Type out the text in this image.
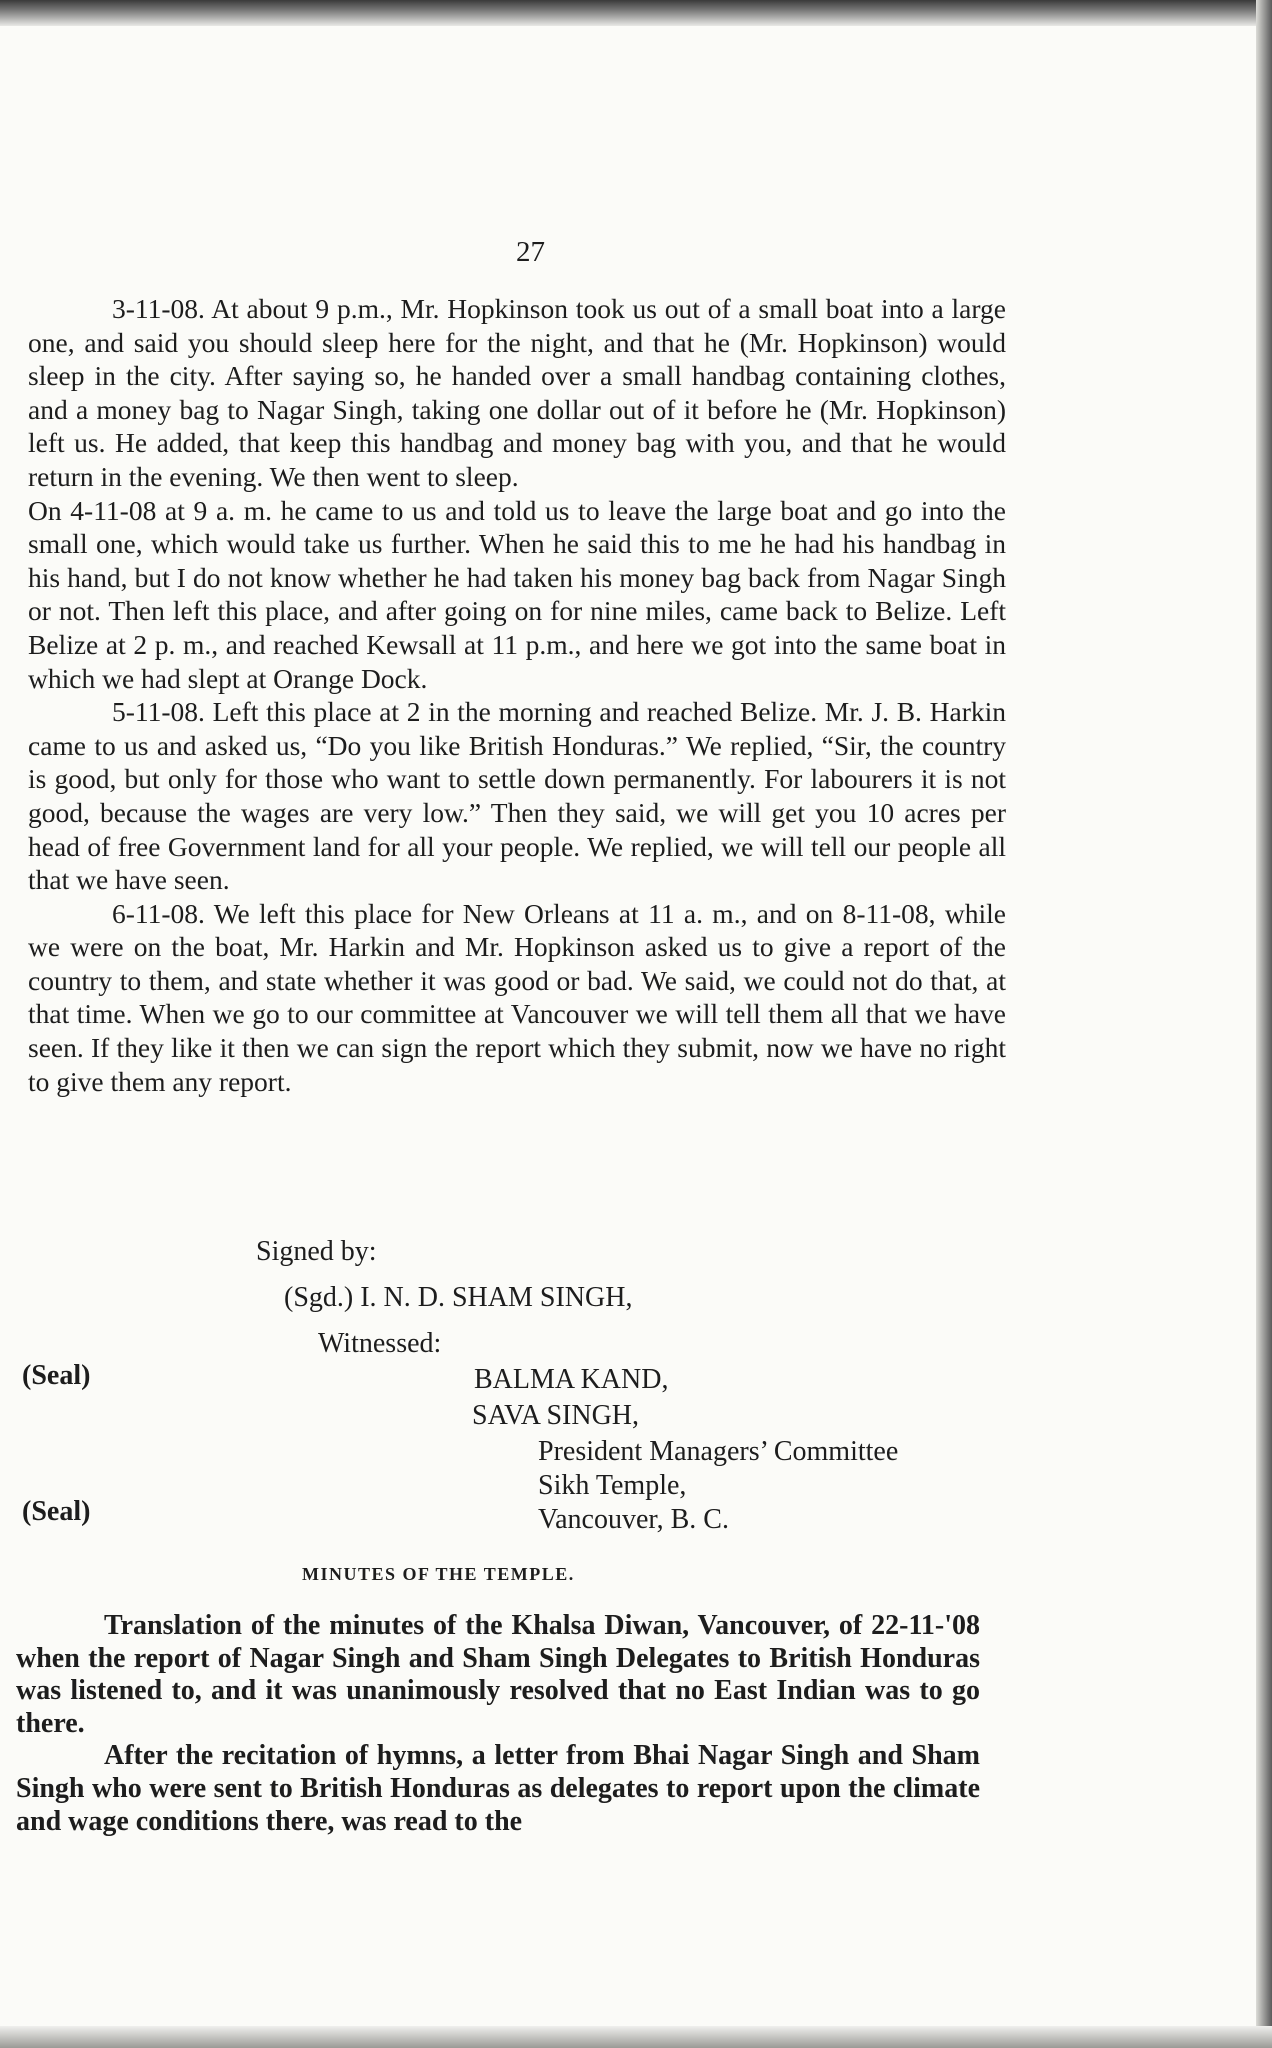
27

3-11-08. At about 9 p.m., Mr. Hopkinson took us out of a small boat into a large one, and said you should sleep here for the night, and that he (Mr. Hopkinson) would sleep in the city. After saying so, he handed over a small handbag containing clothes, and a money bag to Nagar Singh, taking one dollar out of it before he (Mr. Hopkinson) left us. He added, that keep this handbag and money bag with you, and that he would return in the evening. We then went to sleep.

On 4-11-08 at 9 a. m. he came to us and told us to leave the large boat and go into the small one, which would take us further. When he said this to me he had his handbag in his hand, but I do not know whether he had taken his money bag back from Nagar Singh or not. Then left this place, and after going on for nine miles, came back to Belize. Left Belize at 2 p. m., and reached Kewsall at 11 p.m., and here we got into the same boat in which we had slept at Orange Dock.

5-11-08. Left this place at 2 in the morning and reached Belize. Mr. J. B. Harkin came to us and asked us, “Do you like British Honduras.” We replied, “Sir, the country is good, but only for those who want to settle down permanently. For labourers it is not good, because the wages are very low.” Then they said, we will get you 10 acres per head of free Government land for all your people. We replied, we will tell our people all that we have seen.

6-11-08. We left this place for New Orleans at 11 a. m., and on 8-11-08, while we were on the boat, Mr. Harkin and Mr. Hopkinson asked us to give a report of the country to them, and state whether it was good or bad. We said, we could not do that, at that time. When we go to our committee at Vancouver we will tell them all that we have seen. If they like it then we can sign the report which they submit, now we have no right to give them any report.

Signed by:
(Sgd.) I. N. D. SHAM SINGH,
Witnessed:
(Seal)	BALMA KAND,
SAVA SINGH,
President Managers’ Committee
Sikh Temple,
(Seal)	Vancouver, B. C.
MINUTES OF THE TEMPLE.

Translation of the minutes of the Khalsa Diwan, Vancouver, of 22-11-'08 when the report of Nagar Singh and Sham Singh Delegates to British Honduras was listened to, and it was unanimously resolved that no East Indian was to go there.

After the recitation of hymns, a letter from Bhai Nagar Singh and Sham Singh who were sent to British Honduras as delegates to report upon the climate and wage conditions there, was read to the
